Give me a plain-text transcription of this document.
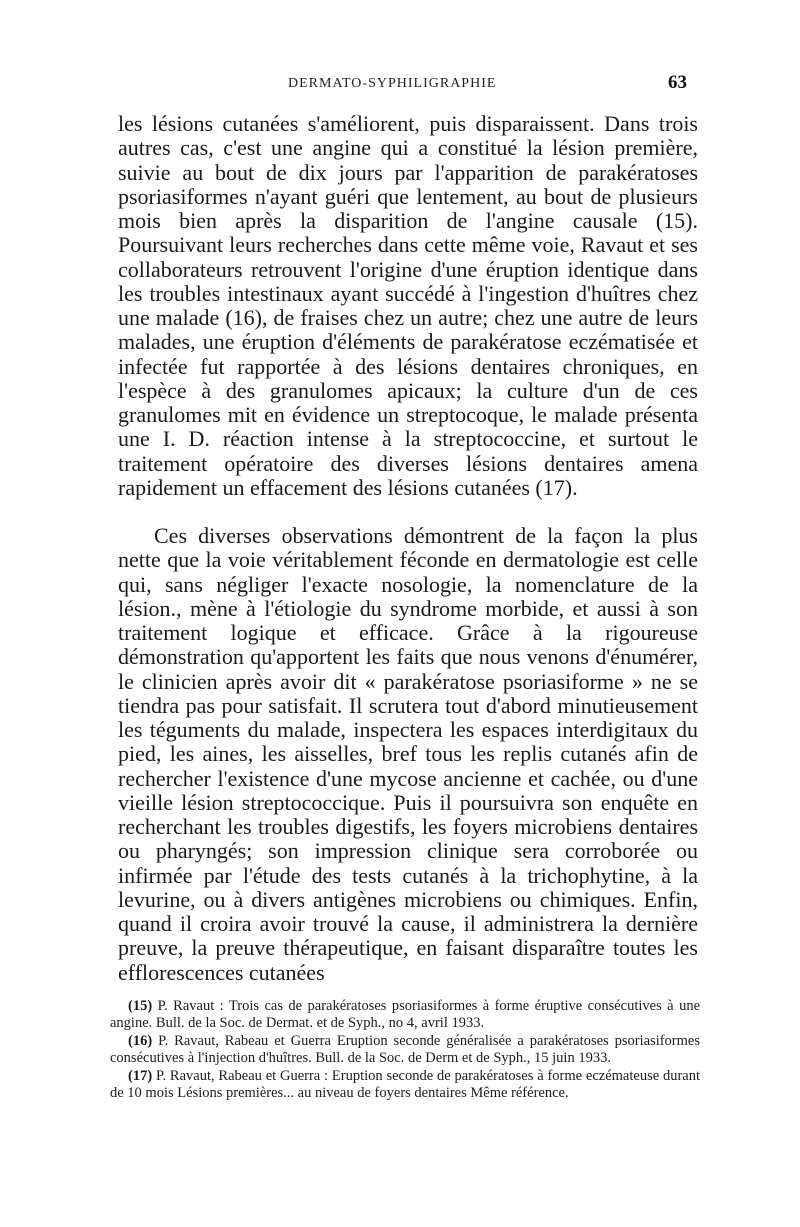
DERMATO-SYPHILIGRAPHIE	63

les lésions cutanées s'améliorent, puis disparaissent. Dans trois autres cas, c'est une angine qui a constitué la lésion première, suivie au bout de dix jours par l'apparition de parakératoses psoriasiformes n'ayant guéri que lentement, au bout de plusieurs mois bien après la disparition de l'angine causale (15). Poursuivant leurs recherches dans cette même voie, Ravaut et ses collaborateurs retrouvent l'origine d'une éruption identique dans les troubles intestinaux ayant succédé à l'ingestion d'huîtres chez une malade (16), de fraises chez un autre; chez une autre de leurs malades, une éruption d'éléments de parakératose eczématisée et infectée fut rapportée à des lésions dentaires chroniques, en l'espèce à des granulomes apicaux; la culture d'un de ces granulomes mit en évidence un streptocoque, le malade présenta une I. D. réaction intense à la streptococcine, et surtout le traitement opératoire des diverses lésions dentaires amena rapidement un effacement des lésions cutanées (17).

Ces diverses observations démontrent de la façon la plus nette que la voie véritablement féconde en dermatologie est celle qui, sans négliger l'exacte nosologie, la nomenclature de la lésion., mène à l'étiologie du syndrome morbide, et aussi à son traitement logique et efficace. Grâce à la rigoureuse démonstration qu'apportent les faits que nous venons d'énumérer, le clinicien après avoir dit « parakératose psoriasiforme » ne se tiendra pas pour satisfait. Il scrutera tout d'abord minutieusement les téguments du malade, inspectera les espaces interdigitaux du pied, les aines, les aisselles, bref tous les replis cutanés afin de rechercher l'existence d'une mycose ancienne et cachée, ou d'une vieille lésion streptococcique. Puis il poursuivra son enquête en recherchant les troubles digestifs, les foyers microbiens dentaires ou pharyngés; son impression clinique sera corroborée ou infirmée par l'étude des tests cutanés à la trichophytine, à la levurine, ou à divers antigènes microbiens ou chimiques. Enfin, quand il croira avoir trouvé la cause, il administrera la dernière preuve, la preuve thérapeutique, en faisant disparaître toutes les efflorescences cutanées

(15) P. Ravaut : Trois cas de parakératoses psoriasiformes à forme éruptive consécutives à une angine. Bull. de la Soc. de Dermat. et de Syph., no 4, avril 1933.

(16) P. Ravaut, Rabeau et Guerra Eruption seconde généralisée a parakératoses psoriasiformes consécutives à l'injection d'huîtres. Bull. de la Soc. de Derm et de Syph., 15 juin 1933.

(17) P. Ravaut, Rabeau et Guerra : Eruption seconde de parakératoses à forme eczémateuse durant de 10 mois Lésions premières... au niveau de foyers dentaires Même référence.
